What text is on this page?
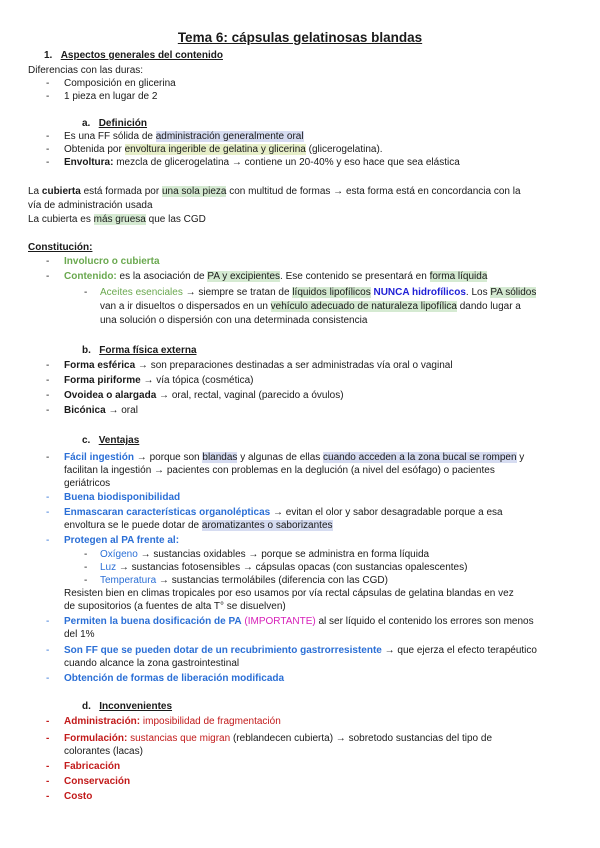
Tema 6: cápsulas gelatinosas blandas
1. Aspectos generales del contenido
Diferencias con las duras:
- Composición en glicerina
- 1 pieza en lugar de 2
a. Definición
- Es una FF sólida de administración generalmente oral
- Obtenida por envoltura ingerible de gelatina y glicerina (glicerogelatina).
- Envoltura: mezcla de glicerogelatina → contiene un 20-40% y eso hace que sea elástica
La cubierta está formada por una sola pieza con multitud de formas → esta forma está en concordancia con la
vía de administración usada
La cubierta es más gruesa que las CGD
Constitución:
- Involucro o cubierta
- Contenido: es la asociación de PA y excipientes. Ese contenido se presentará en forma líquida
- Aceites esenciales → siempre se tratan de líquidos lipofílicos NUNCA hidrofílicos. Los PA sólidos
van a ir disueltos o dispersados en un vehículo adecuado de naturaleza lipofílica dando lugar a
una solución o dispersión con una determinada consistencia
b. Forma física externa
- Forma esférica → son preparaciones destinadas a ser administradas vía oral o vaginal
- Forma piriforme → vía tópica (cosmética)
- Ovoidea o alargada → oral, rectal, vaginal (parecido a óvulos)
- Bicónica → oral
c. Ventajas
- Fácil ingestión → porque son blandas y algunas de ellas cuando acceden a la zona bucal se rompen y
facilitan la ingestión → pacientes con problemas en la deglución (a nivel del esófago) o pacientes
geriátricos
- Buena biodisponibilidad
- Enmascaran características organolépticas → evitan el olor y sabor desagradable porque a esa
envoltura se le puede dotar de aromatizantes o saborizantes
- Protegen al PA frente al:
- Oxígeno → sustancias oxidables → porque se administra en forma líquida
- Luz → sustancias fotosensibles → cápsulas opacas (con sustancias opalescentes)
- Temperatura → sustancias termolábiles (diferencia con las CGD)
Resisten bien en climas tropicales por eso usamos por vía rectal cápsulas de gelatina blandas en vez
de supositorios (a fuentes de alta T° se disuelven)
- Permiten la buena dosificación de PA (IMPORTANTE) al ser líquido el contenido los errores son menos
del 1%
- Son FF que se pueden dotar de un recubrimiento gastrorresistente → que ejerza el efecto terapéutico
cuando alcance la zona gastrointestinal
- Obtención de formas de liberación modificada
d. Inconvenientes
- Administración: imposibilidad de fragmentación
- Formulación: sustancias que migran (reblandecen cubierta) → sobretodo sustancias del tipo de
colorantes (lacas)
- Fabricación
- Conservación
- Costo
